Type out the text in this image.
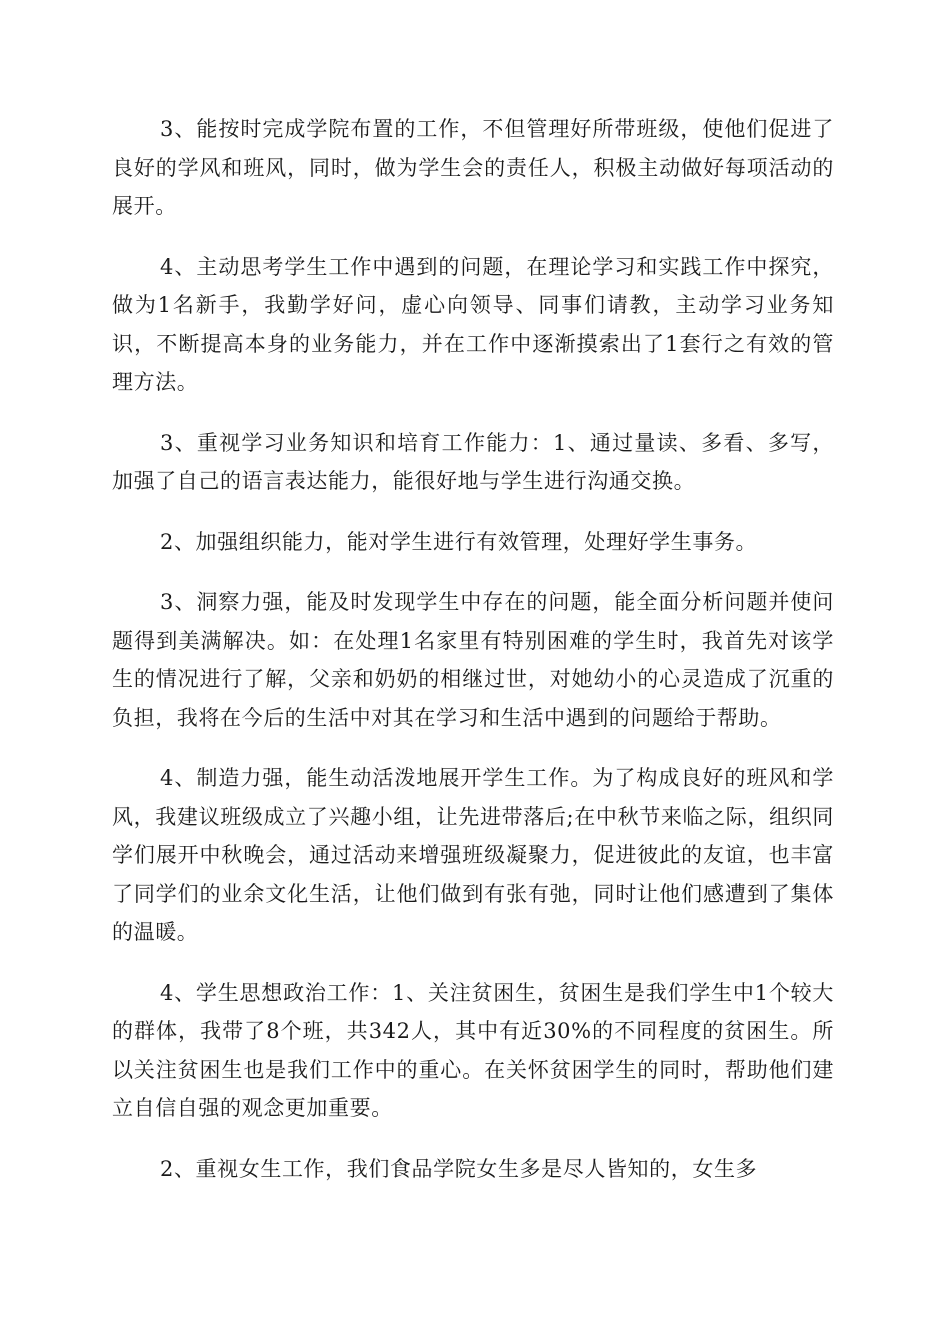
3、能按时完成学院布置的工作，不但管理好所带班级，使他们促进了良好的学风和班风，同时，做为学生会的责任人，积极主动做好每项活动的展开。

4、主动思考学生工作中遇到的问题，在理论学习和实践工作中探究，做为1名新手，我勤学好问，虚心向领导、同事们请教，主动学习业务知识，不断提高本身的业务能力，并在工作中逐渐摸索出了1套行之有效的管理方法。

3、重视学习业务知识和培育工作能力：1、通过量读、多看、多写，加强了自己的语言表达能力，能很好地与学生进行沟通交换。

2、加强组织能力，能对学生进行有效管理，处理好学生事务。

3、洞察力强，能及时发现学生中存在的问题，能全面分析问题并使问题得到美满解决。如：在处理1名家里有特别困难的学生时，我首先对该学生的情况进行了解，父亲和奶奶的相继过世，对她幼小的心灵造成了沉重的负担，我将在今后的生活中对其在学习和生活中遇到的问题给于帮助。

4、制造力强，能生动活泼地展开学生工作。为了构成良好的班风和学风，我建议班级成立了兴趣小组，让先进带落后;在中秋节来临之际，组织同学们展开中秋晚会，通过活动来增强班级凝聚力，促进彼此的友谊，也丰富了同学们的业余文化生活，让他们做到有张有弛，同时让他们感遭到了集体的温暖。

4、学生思想政治工作：1、关注贫困生，贫困生是我们学生中1个较大的群体，我带了8个班，共342人，其中有近30%的不同程度的贫困生。所以关注贫困生也是我们工作中的重心。在关怀贫困学生的同时，帮助他们建立自信自强的观念更加重要。

2、重视女生工作，我们食品学院女生多是尽人皆知的，女生多
